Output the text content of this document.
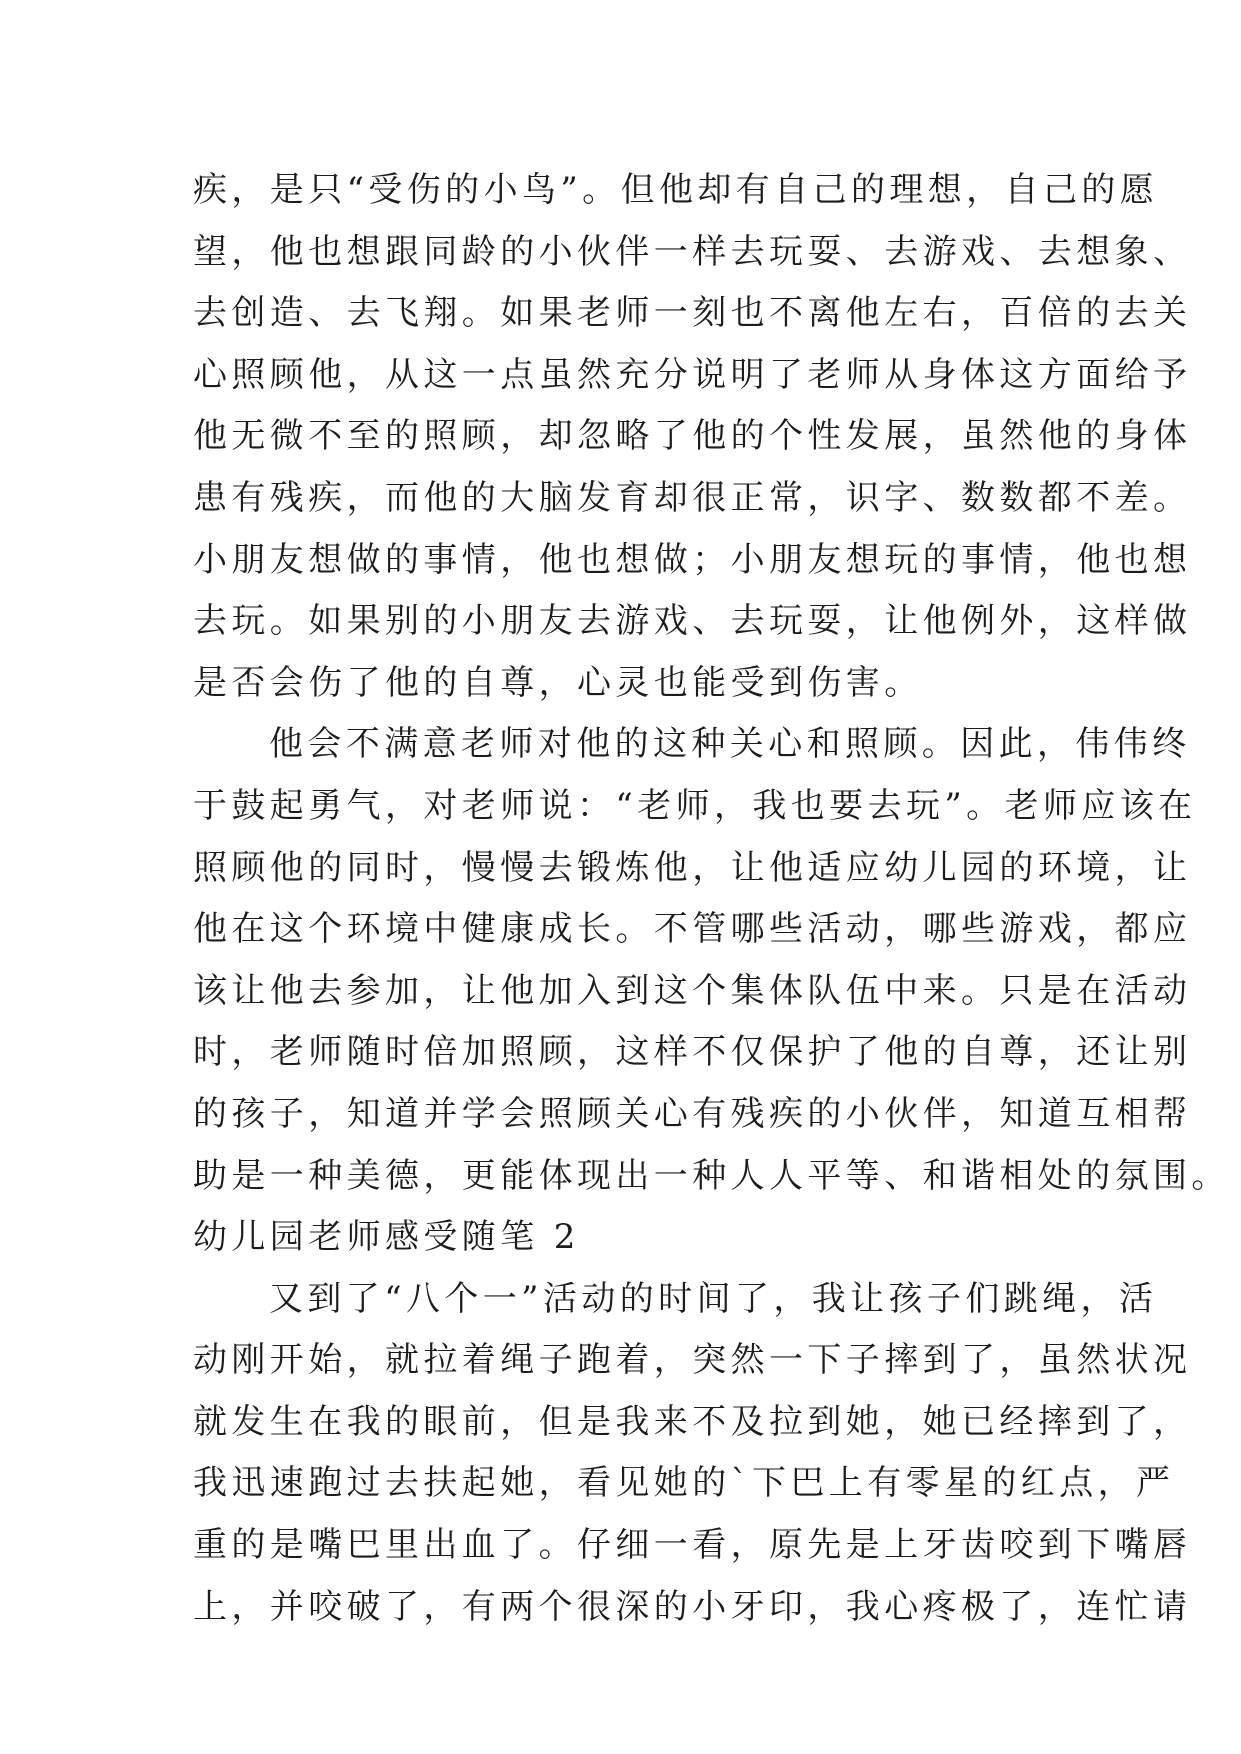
疾，是只“受伤的小鸟”。但他却有自己的理想，自己的愿
望，他也想跟同龄的小伙伴一样去玩耍、去游戏、去想象、
去创造、去飞翔。如果老师一刻也不离他左右，百倍的去关
心照顾他，从这一点虽然充分说明了老师从身体这方面给予
他无微不至的照顾，却忽略了他的个性发展，虽然他的身体
患有残疾，而他的大脑发育却很正常，识字、数数都不差。
小朋友想做的事情，他也想做；小朋友想玩的事情，他也想
去玩。如果别的小朋友去游戏、去玩耍，让他例外，这样做
是否会伤了他的自尊，心灵也能受到伤害。
他会不满意老师对他的这种关心和照顾。因此，伟伟终
于鼓起勇气，对老师说：“老师，我也要去玩”。老师应该在
照顾他的同时，慢慢去锻炼他，让他适应幼儿园的环境，让
他在这个环境中健康成长。不管哪些活动，哪些游戏，都应
该让他去参加，让他加入到这个集体队伍中来。只是在活动
时，老师随时倍加照顾，这样不仅保护了他的自尊，还让别
的孩子，知道并学会照顾关心有残疾的小伙伴，知道互相帮
助是一种美德，更能体现出一种人人平等、和谐相处的氛围。
幼儿园老师感受随笔 2
又到了“八个一”活动的时间了，我让孩子们跳绳，活
动刚开始，就拉着绳子跑着，突然一下子摔到了，虽然状况
就发生在我的眼前，但是我来不及拉到她，她已经摔到了，
我迅速跑过去扶起她，看见她的`下巴上有零星的红点，严
重的是嘴巴里出血了。仔细一看，原先是上牙齿咬到下嘴唇
上，并咬破了，有两个很深的小牙印，我心疼极了，连忙请
